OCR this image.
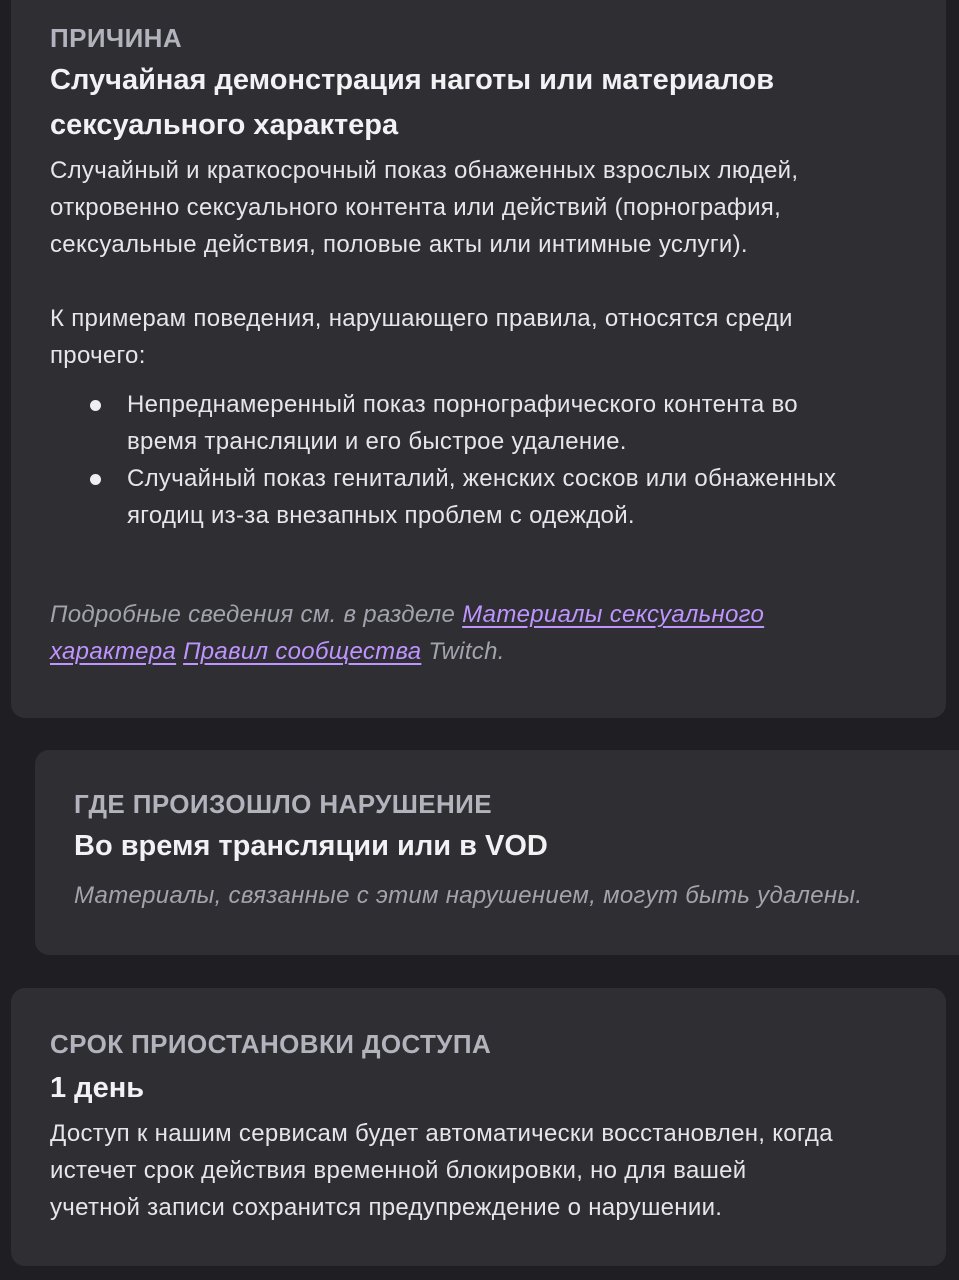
ПРИЧИНА
Случайная демонстрация наготы или материалов
сексуального характера
Случайный и краткосрочный показ обнаженных взрослых людей,
откровенно сексуального контента или действий (порнография,
сексуальные действия, половые акты или интимные услуги).
К примерам поведения, нарушающего правила, относятся среди
прочего:
Непреднамеренный показ порнографического контента во
время трансляции и его быстрое удаление.
Случайный показ гениталий, женских сосков или обнаженных
ягодиц из-за внезапных проблем с одеждой.
Подробные сведения см. в разделе Материалы сексуального
характера Правил сообщества Twitch.
ГДЕ ПРОИЗОШЛО НАРУШЕНИЕ
Во время трансляции или в VOD
Материалы, связанные с этим нарушением, могут быть удалены.
СРОК ПРИОСТАНОВКИ ДОСТУПА
1 день
Доступ к нашим сервисам будет автоматически восстановлен, когда
истечет срок действия временной блокировки, но для вашей
учетной записи сохранится предупреждение о нарушении.
